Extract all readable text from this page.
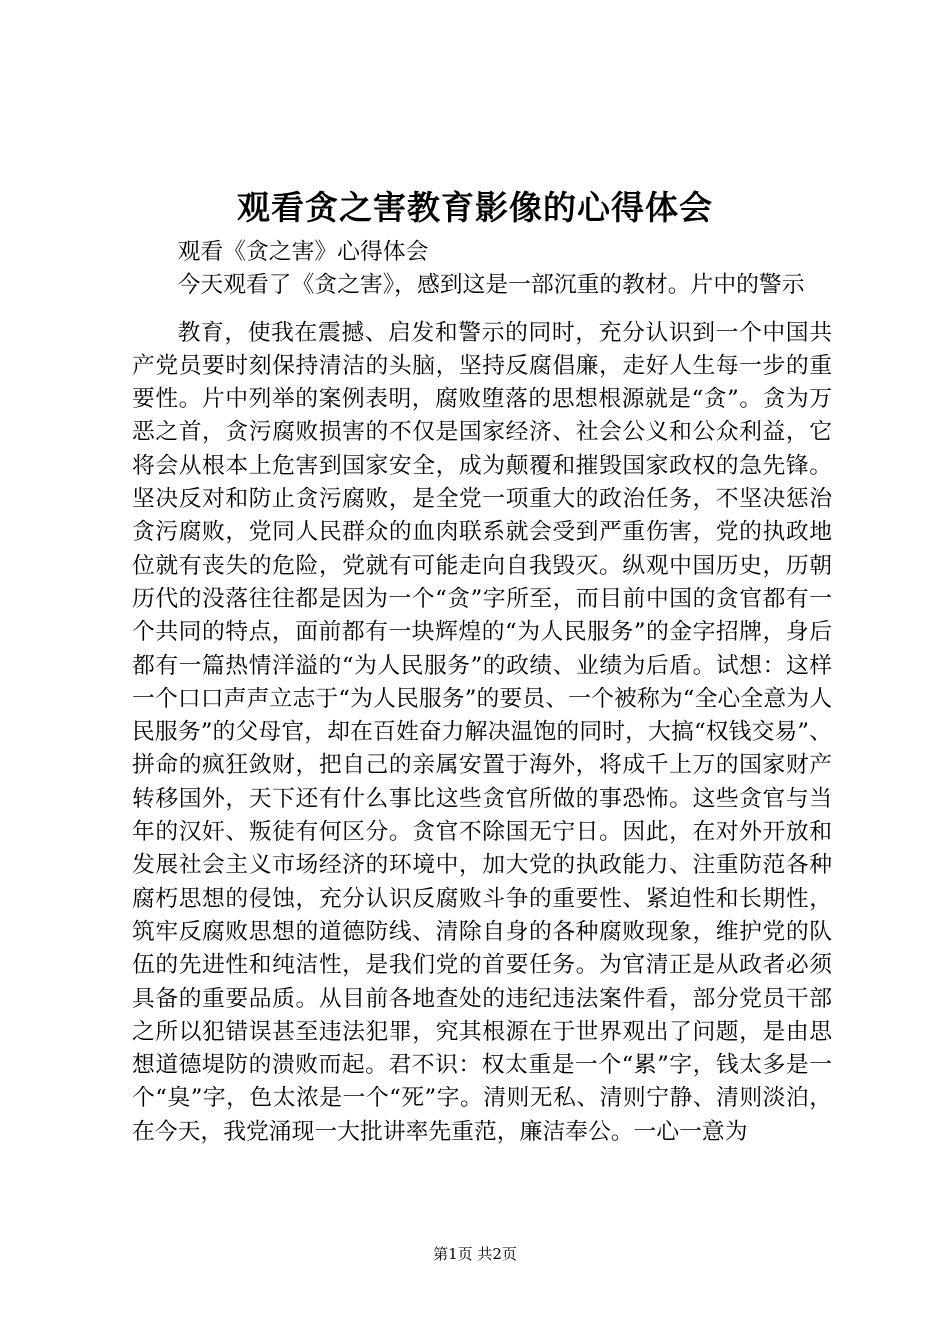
观看贪之害教育影像的心得体会

观看《贪之害》心得体会

今天观看了《贪之害》，感到这是一部沉重的教材。片中的警示

教育，使我在震撼、启发和警示的同时，充分认识到一个中国共产党员要时刻保持清洁的头脑，坚持反腐倡廉，走好人生每一步的重要性。片中列举的案例表明，腐败堕落的思想根源就是“贪”。贪为万恶之首，贪污腐败损害的不仅是国家经济、社会公义和公众利益，它将会从根本上危害到国家安全，成为颠覆和摧毁国家政权的急先锋。坚决反对和防止贪污腐败，是全党一项重大的政治任务，不坚决惩治贪污腐败，党同人民群众的血肉联系就会受到严重伤害，党的执政地位就有丧失的危险，党就有可能走向自我毁灭。纵观中国历史，历朝历代的没落往往都是因为一个“贪”字所至，而目前中国的贪官都有一个共同的特点，面前都有一块辉煌的“为人民服务”的金字招牌，身后都有一篇热情洋溢的“为人民服务”的政绩、业绩为后盾。试想：这样一个口口声声立志于“为人民服务”的要员、一个被称为“全心全意为人民服务”的父母官，却在百姓奋力解决温饱的同时，大搞“权钱交易”、拼命的疯狂敛财，把自己的亲属安置于海外，将成千上万的国家财产转移国外，天下还有什么事比这些贪官所做的事恐怖。这些贪官与当年的汉奸、叛徒有何区分。贪官不除国无宁日。因此，在对外开放和发展社会主义市场经济的环境中，加大党的执政能力、注重防范各种腐朽思想的侵蚀，充分认识反腐败斗争的重要性、紧迫性和长期性，筑牢反腐败思想的道德防线、清除自身的各种腐败现象，维护党的队伍的先进性和纯洁性，是我们党的首要任务。为官清正是从政者必须具备的重要品质。从目前各地查处的违纪违法案件看，部分党员干部之所以犯错误甚至违法犯罪，究其根源在于世界观出了问题，是由思想道德堤防的溃败而起。君不识：权太重是一个“累”字，钱太多是一个“臭”字，色太浓是一个“死”字。清则无私、清则宁静、清则淡泊，在今天，我党涌现一大批讲率先重范，廉洁奉公。一心一意为

第1页 共2页
